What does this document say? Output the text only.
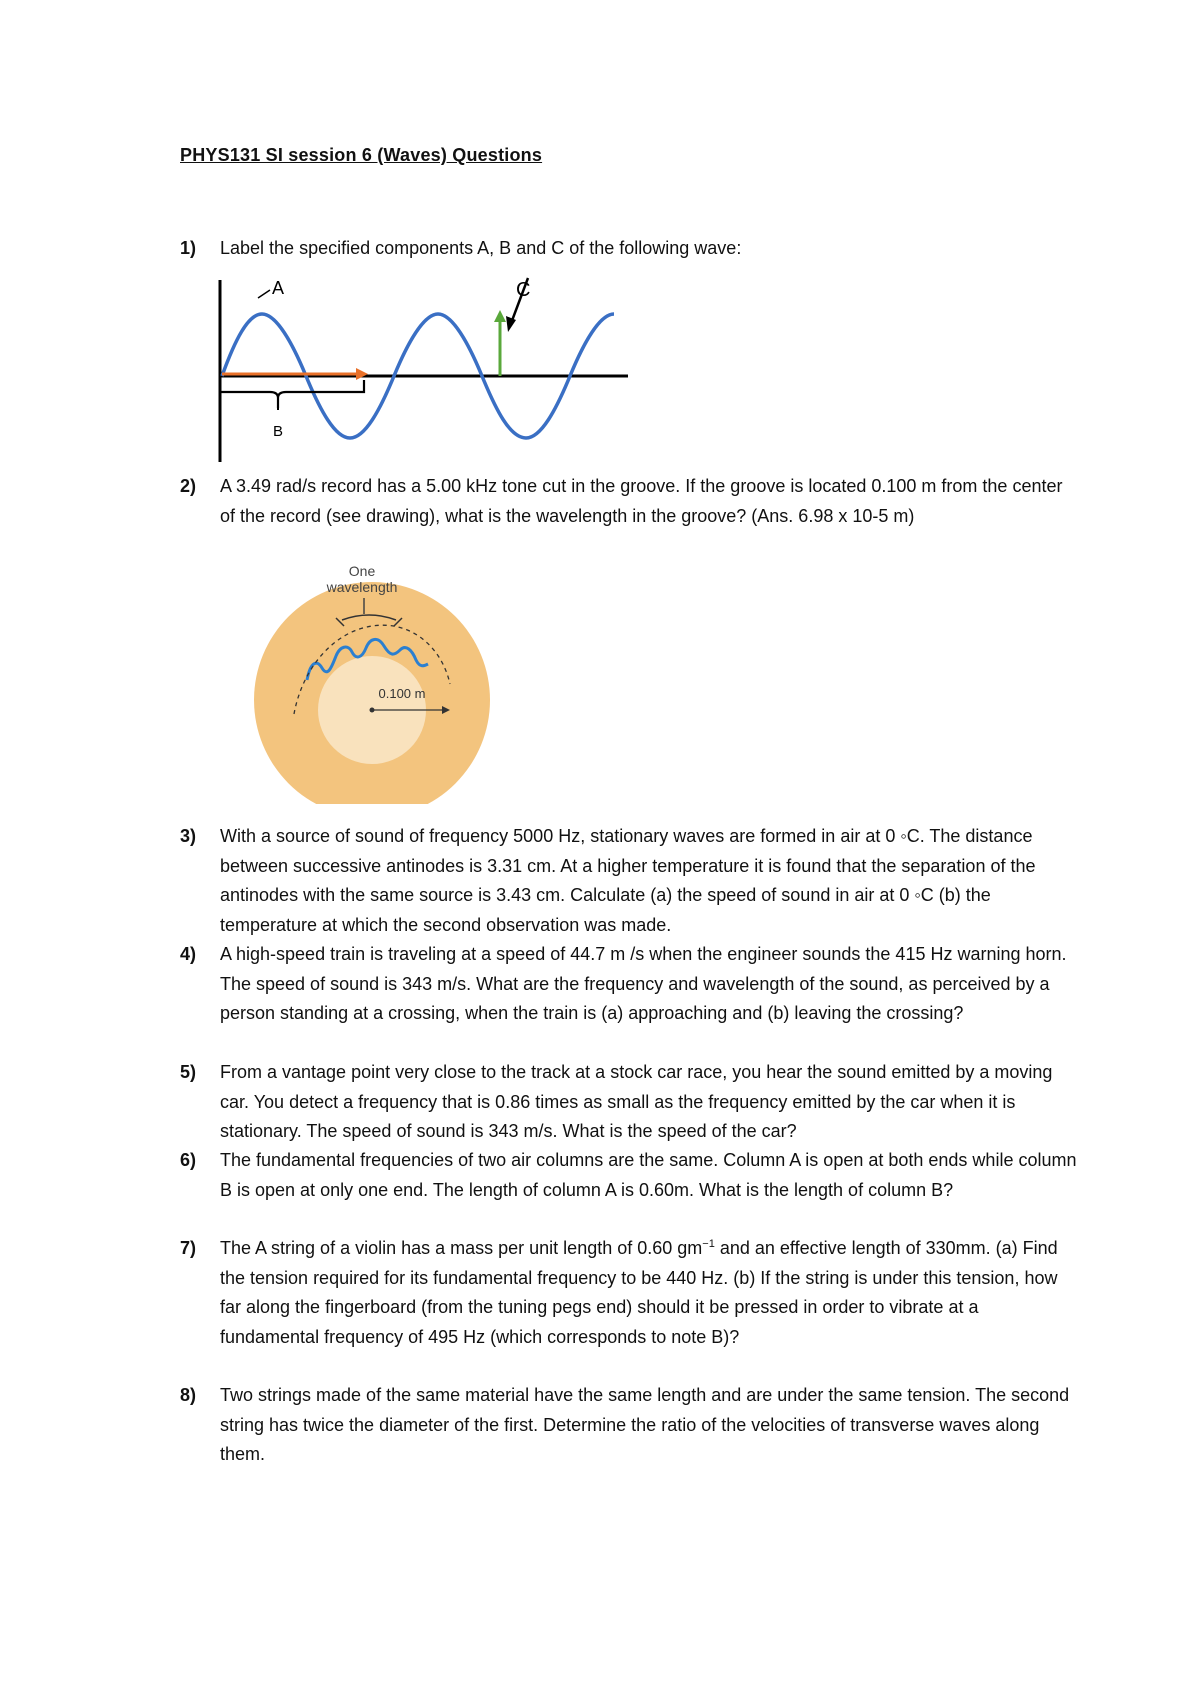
PHYS131 SI session 6 (Waves) Questions
1) Label the specified components A, B and C of the following wave:
A
B
C
2) A 3.49 rad/s record has a 5.00 kHz tone cut in the groove. If the groove is located 0.100 m from the center of the record (see drawing), what is the wavelength in the groove? (Ans. 6.98 x 10-5 m)
One
wavelength
0.100 m
3) With a source of sound of frequency 5000 Hz, stationary waves are formed in air at 0 ◦C. The distance between successive antinodes is 3.31 cm. At a higher temperature it is found that the separation of the antinodes with the same source is 3.43 cm. Calculate (a) the speed of sound in air at 0 ◦C (b) the temperature at which the second observation was made.
4) A high-speed train is traveling at a speed of 44.7 m /s when the engineer sounds the 415 Hz warning horn. The speed of sound is 343 m/s. What are the frequency and wavelength of the sound, as perceived by a person standing at a crossing, when the train is (a) approaching and (b) leaving the crossing?
5) From a vantage point very close to the track at a stock car race, you hear the sound emitted by a moving car. You detect a frequency that is 0.86 times as small as the frequency emitted by the car when it is stationary. The speed of sound is 343 m/s. What is the speed of the car?
6) The fundamental frequencies of two air columns are the same. Column A is open at both ends while column B is open at only one end. The length of column A is 0.60m. What is the length of column B?
7) The A string of a violin has a mass per unit length of 0.60 $gm^{-1}$ and an effective length of 330mm. (a) Find the tension required for its fundamental frequency to be 440 Hz. (b) If the string is under this tension, how far along the fingerboard (from the tuning pegs end) should it be pressed in order to vibrate at a fundamental frequency of 495 Hz (which corresponds to note B)?
8) Two strings made of the same material have the same length and are under the same tension. The second string has twice the diameter of the first. Determine the ratio of the velocities of transverse waves along them.
